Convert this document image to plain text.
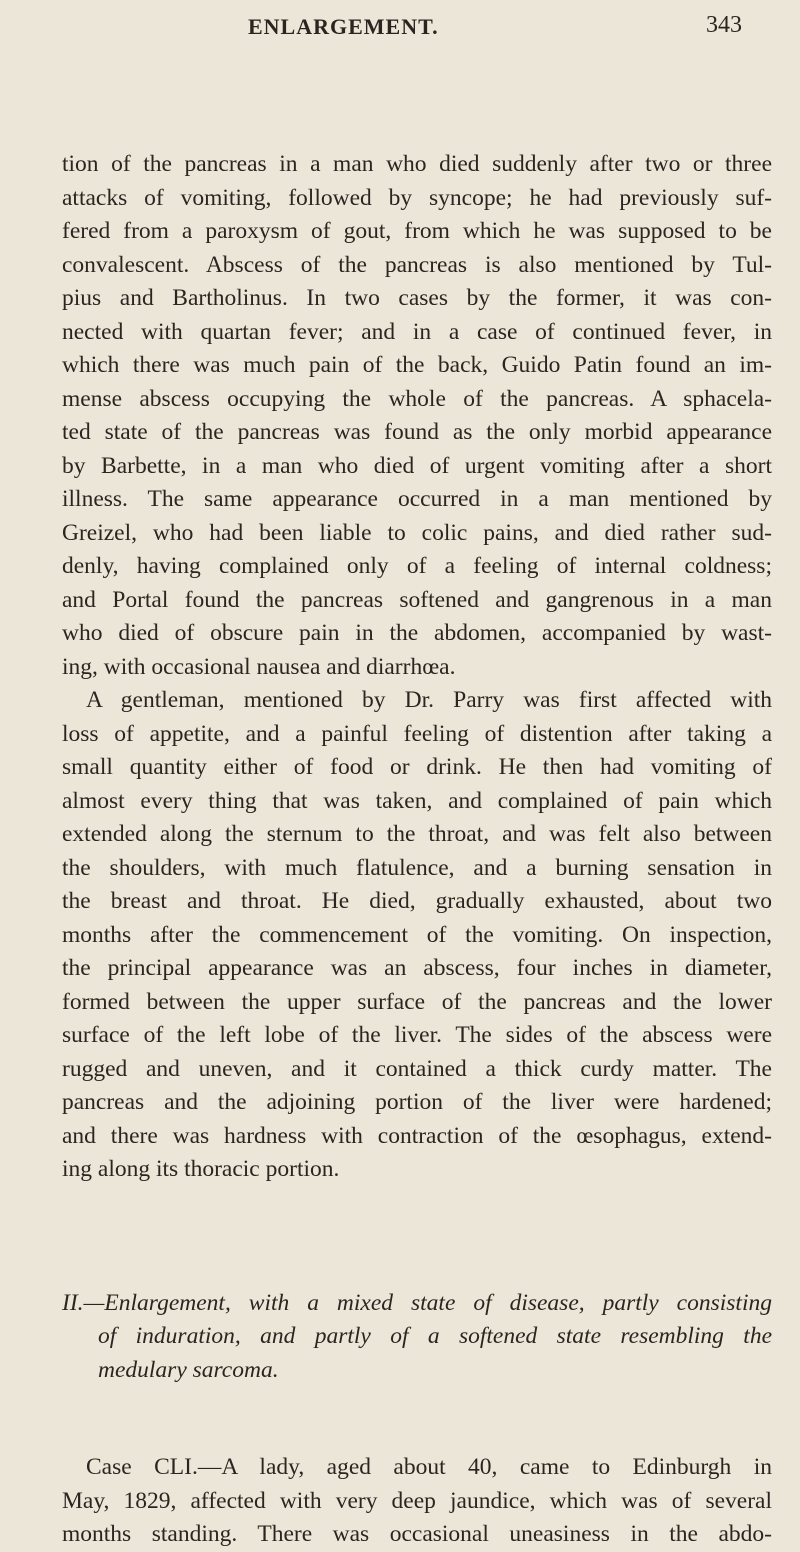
ENLARGEMENT.	343
tion of the pancreas in a man who died suddenly after two or three
attacks of vomiting, followed by syncope; he had previously suf-
fered from a paroxysm of gout, from which he was supposed to be
convalescent. Abscess of the pancreas is also mentioned by Tul-
pius and Bartholinus. In two cases by the former, it was con-
nected with quartan fever; and in a case of continued fever, in
which there was much pain of the back, Guido Patin found an im-
mense abscess occupying the whole of the pancreas. A sphacela-
ted state of the pancreas was found as the only morbid appearance
by Barbette, in a man who died of urgent vomiting after a short
illness. The same appearance occurred in a man mentioned by
Greizel, who had been liable to colic pains, and died rather sud-
denly, having complained only of a feeling of internal coldness;
and Portal found the pancreas softened and gangrenous in a man
who died of obscure pain in the abdomen, accompanied by wast-
ing, with occasional nausea and diarrhœa.
A gentleman, mentioned by Dr. Parry was first affected with
loss of appetite, and a painful feeling of distention after taking a
small quantity either of food or drink. He then had vomiting of
almost every thing that was taken, and complained of pain which
extended along the sternum to the throat, and was felt also between
the shoulders, with much flatulence, and a burning sensation in
the breast and throat. He died, gradually exhausted, about two
months after the commencement of the vomiting. On inspection,
the principal appearance was an abscess, four inches in diameter,
formed between the upper surface of the pancreas and the lower
surface of the left lobe of the liver. The sides of the abscess were
rugged and uneven, and it contained a thick curdy matter. The
pancreas and the adjoining portion of the liver were hardened;
and there was hardness with contraction of the œsophagus, extend-
ing along its thoracic portion.
II.—Enlargement, with a mixed state of disease, partly consisting
of induration, and partly of a softened state resembling the
medulary sarcoma.
Case CLI.—A lady, aged about 40, came to Edinburgh in
May, 1829, affected with very deep jaundice, which was of several
months standing. There was occasional uneasiness in the abdo-
